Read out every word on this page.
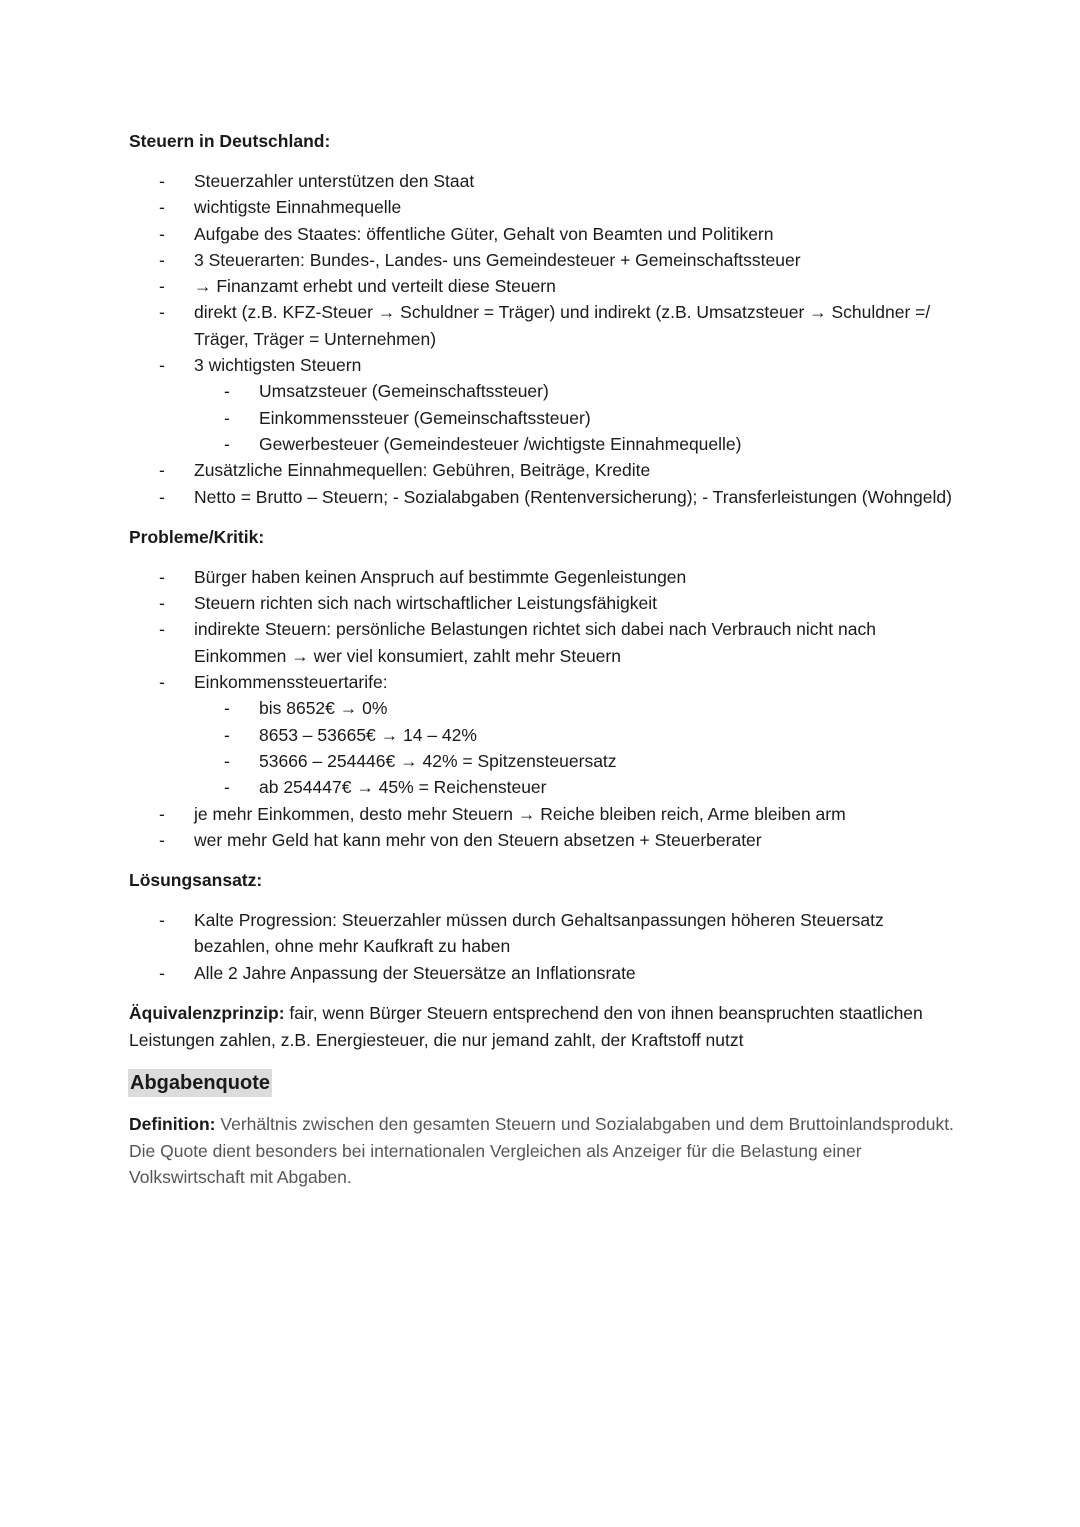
Steuern in Deutschland:
- Steuerzahler unterstützen den Staat
- wichtigste Einnahmequelle
- Aufgabe des Staates: öffentliche Güter, Gehalt von Beamten und Politikern
- 3 Steuerarten: Bundes-, Landes- uns Gemeindesteuer + Gemeinschaftssteuer
- → Finanzamt erhebt und verteilt diese Steuern
- direkt (z.B. KFZ-Steuer → Schuldner = Träger) und indirekt (z.B. Umsatzsteuer → Schuldner =/ Träger, Träger = Unternehmen)
- 3 wichtigsten Steuern
- Umsatzsteuer (Gemeinschaftssteuer)
- Einkommenssteuer (Gemeinschaftssteuer)
- Gewerbesteuer (Gemeindesteuer /wichtigste Einnahmequelle)
- Zusätzliche Einnahmequellen: Gebühren, Beiträge, Kredite
- Netto = Brutto – Steuern; - Sozialabgaben (Rentenversicherung); - Transferleistungen (Wohngeld)
Probleme/Kritik:
- Bürger haben keinen Anspruch auf bestimmte Gegenleistungen
- Steuern richten sich nach wirtschaftlicher Leistungsfähigkeit
- indirekte Steuern: persönliche Belastungen richtet sich dabei nach Verbrauch nicht nach Einkommen → wer viel konsumiert, zahlt mehr Steuern
- Einkommenssteuertarife:
- bis 8652€ → 0%
- 8653 – 53665€ → 14 – 42%
- 53666 – 254446€ → 42% = Spitzensteuersatz
- ab 254447€ → 45% = Reichensteuer
- je mehr Einkommen, desto mehr Steuern → Reiche bleiben reich, Arme bleiben arm
- wer mehr Geld hat kann mehr von den Steuern absetzen + Steuerberater
Lösungsansatz:
- Kalte Progression: Steuerzahler müssen durch Gehaltsanpassungen höheren Steuersatz bezahlen, ohne mehr Kaufkraft zu haben
- Alle 2 Jahre Anpassung der Steuersätze an Inflationsrate
Äquivalenzprinzip: fair, wenn Bürger Steuern entsprechend den von ihnen beanspruchten staatlichen Leistungen zahlen, z.B. Energiesteuer, die nur jemand zahlt, der Kraftstoff nutzt
Abgabenquote
Definition: Verhältnis zwischen den gesamten Steuern und Sozialabgaben und dem Bruttoinlandsprodukt. Die Quote dient besonders bei internationalen Vergleichen als Anzeiger für die Belastung einer Volkswirtschaft mit Abgaben.
